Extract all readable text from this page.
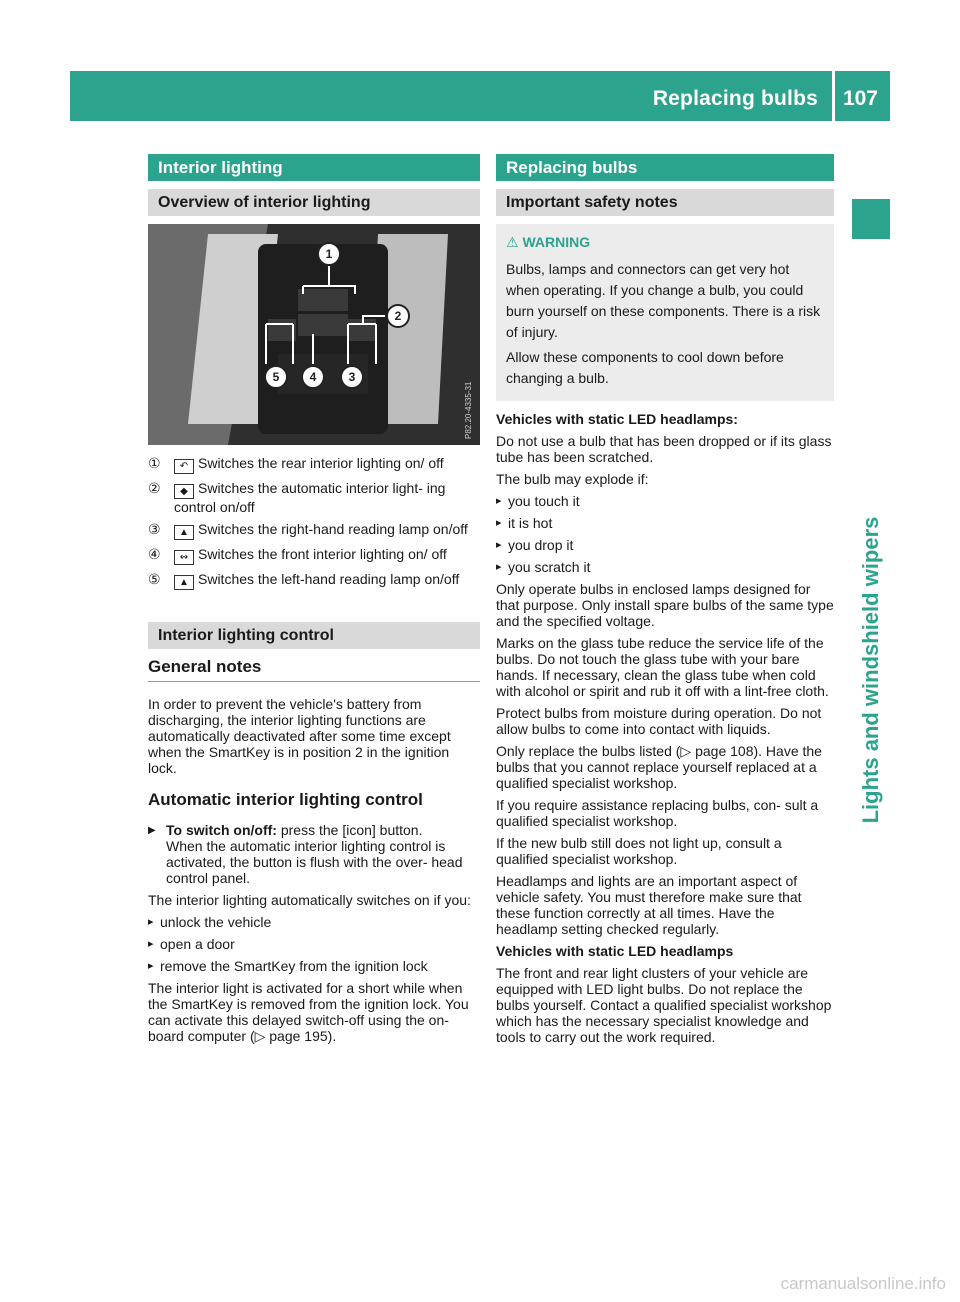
Replacing bulbs 107
Lights and windshield wipers
Interior lighting
Overview of interior lighting
1
2
3
4
5
P82.20-4335-31
①	↶ Switches the rear interior lighting on/ off
②	◆ Switches the automatic interior light- ing control on/off
③	▲ Switches the right-hand reading lamp on/off
④	↭ Switches the front interior lighting on/ off
⑤	▲ Switches the left-hand reading lamp on/off
Interior lighting control
General notes

In order to prevent the vehicle's battery from discharging, the interior lighting functions are automatically deactivated after some time except when the SmartKey is in position 2 in the ignition lock.

Automatic interior lighting control
▶ To switch on/off: press the [icon] button.
When the automatic interior lighting control is activated, the button is flush with the over- head control panel.

The interior lighting automatically switches on if you:

▸ unlock the vehicle
▸ open a door
▸ remove the SmartKey from the ignition lock

The interior light is activated for a short while when the SmartKey is removed from the ignition lock. You can activate this delayed switch-off using the on-board computer (▷ page 195).

Replacing bulbs
Important safety notes
⚠ WARNING

Bulbs, lamps and connectors can get very hot when operating. If you change a bulb, you could burn yourself on these components. There is a risk of injury.

Allow these components to cool down before changing a bulb.

Vehicles with static LED headlamps:

Do not use a bulb that has been dropped or if its glass tube has been scratched.

The bulb may explode if:

▸ you touch it
▸ it is hot
▸ you drop it
▸ you scratch it

Only operate bulbs in enclosed lamps designed for that purpose. Only install spare bulbs of the same type and the specified voltage.

Marks on the glass tube reduce the service life of the bulbs. Do not touch the glass tube with your bare hands. If necessary, clean the glass tube when cold with alcohol or spirit and rub it off with a lint-free cloth.

Protect bulbs from moisture during operation. Do not allow bulbs to come into contact with liquids.

Only replace the bulbs listed (▷ page 108). Have the bulbs that you cannot replace yourself replaced at a qualified specialist workshop.

If you require assistance replacing bulbs, con- sult a qualified specialist workshop.

If the new bulb still does not light up, consult a qualified specialist workshop.

Headlamps and lights are an important aspect of vehicle safety. You must therefore make sure that these function correctly at all times. Have the headlamp setting checked regularly.

Vehicles with static LED headlamps

The front and rear light clusters of your vehicle are equipped with LED light bulbs. Do not replace the bulbs yourself. Contact a qualified specialist workshop which has the necessary specialist knowledge and tools to carry out the work required.

carmanualsonline.info
